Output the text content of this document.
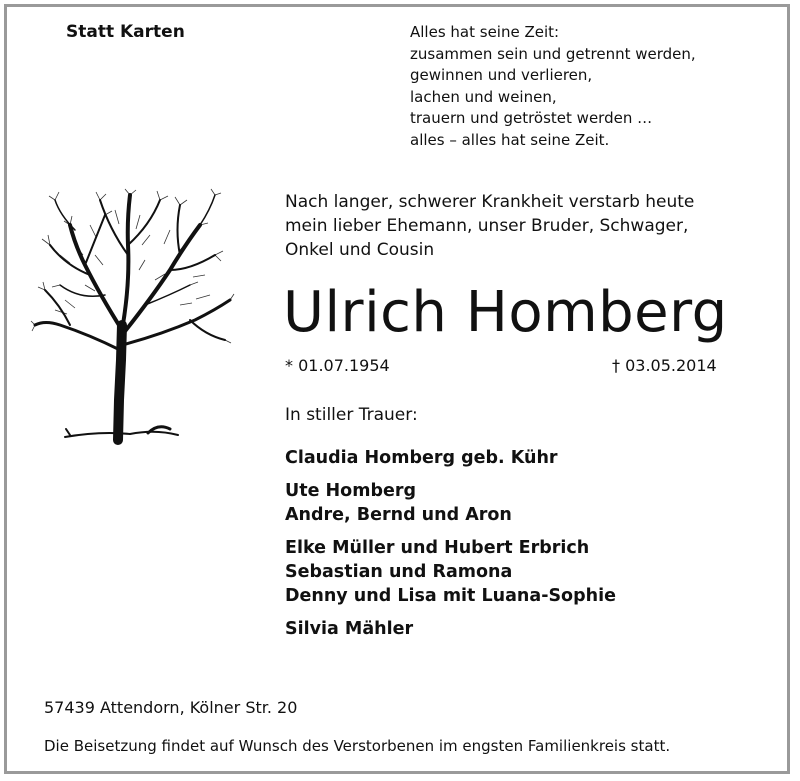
Statt Karten	Alles hat seine Zeit:
zusammen sein und getrennt werden,
gewinnen und verlieren,
lachen und weinen,
trauern und getröstet werden …
alles – alles hat seine Zeit.
Nach langer, schwerer Krankheit verstarb heute
mein lieber Ehemann, unser Bruder, Schwager,
Onkel und Cousin
Ulrich Homberg
* 01.07.1954	† 03.05.2014
In stiller Trauer:
Claudia Homberg geb. Kühr
Ute Homberg
Andre, Bernd und Aron
Elke Müller und Hubert Erbrich
Sebastian und Ramona
Denny und Lisa mit Luana-Sophie
Silvia Mähler
57439 Attendorn, Kölner Str. 20
Die Beisetzung findet auf Wunsch des Verstorbenen im engsten Familienkreis statt.
